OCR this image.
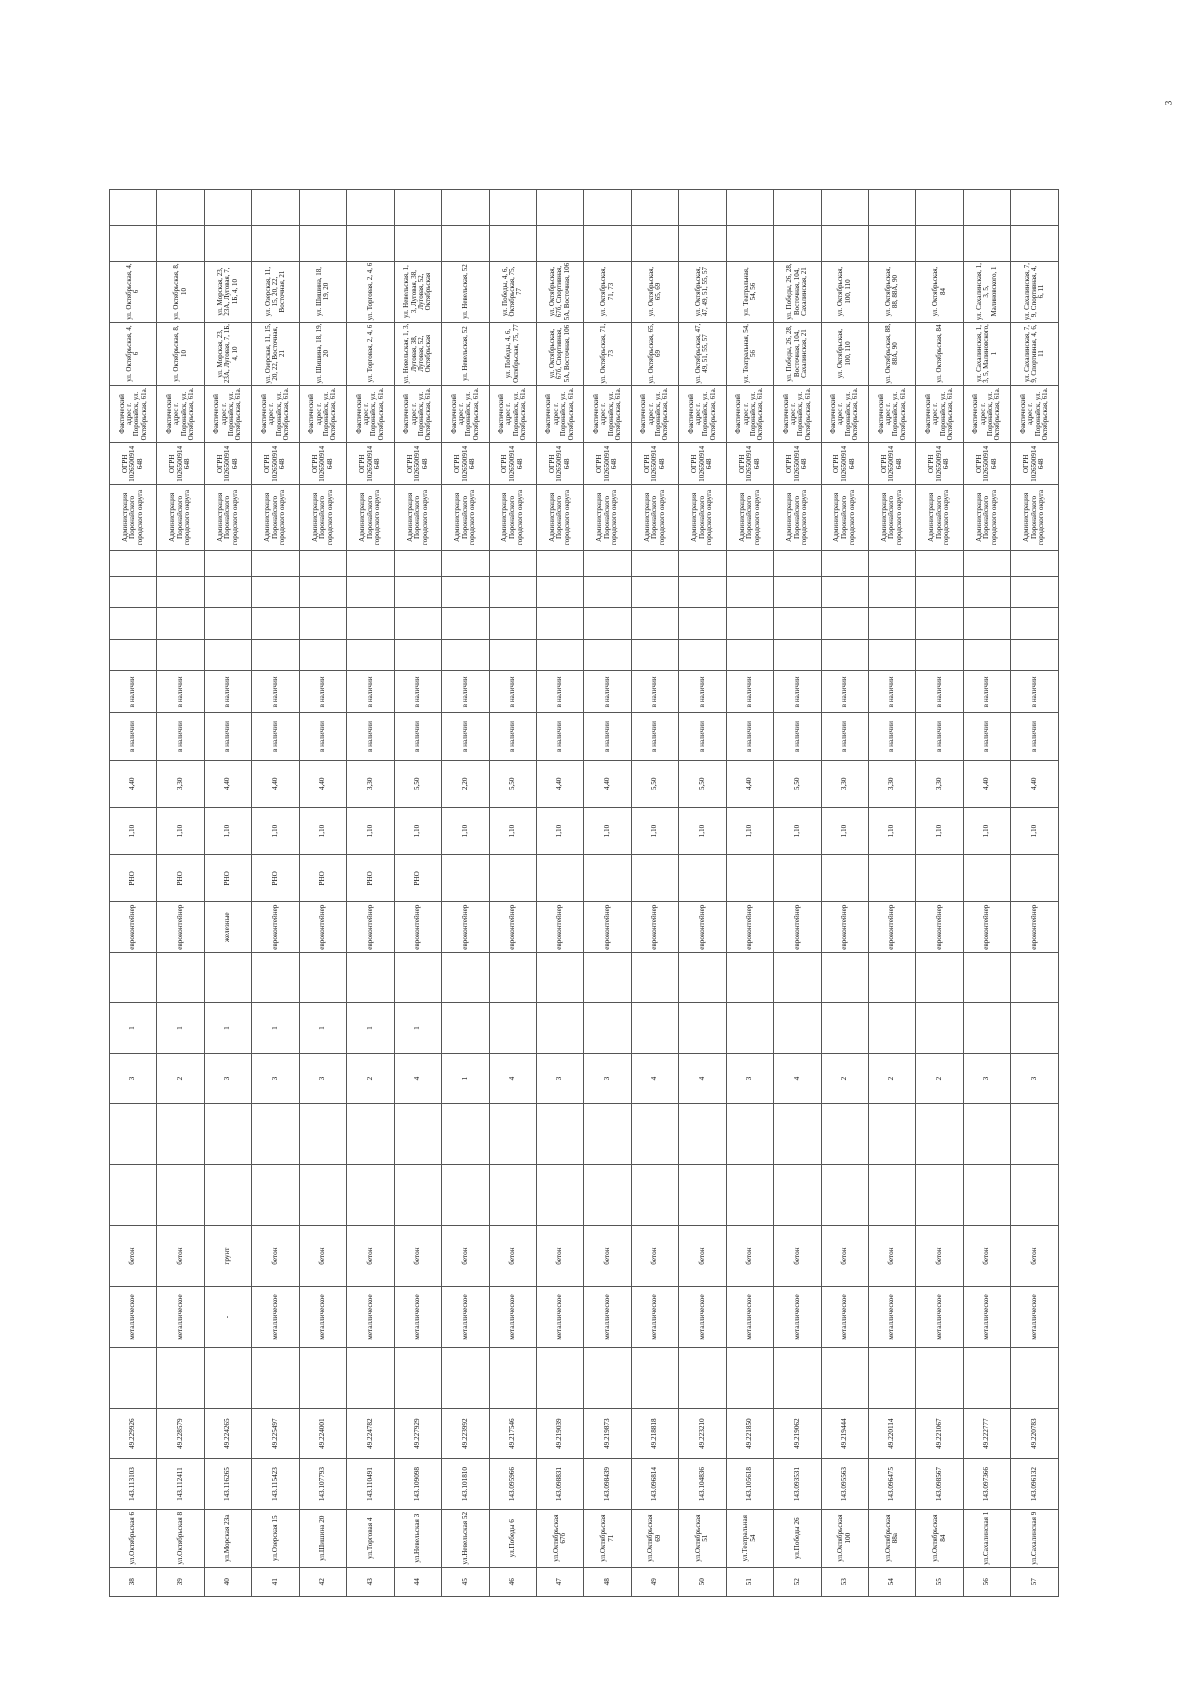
3
38	ул.Октябрьская 6	143.113103	49.229926		металлическое	бетон			3	1		евроконтейнер	РНО	1,10	4,40	в наличии	в наличии					Администрация Поронайского городского округа	ОГРН 1026500914648	Фактический адрес г. Поронайск, ул. Октябрьская, 61а.	ул. Октябрьская, 4, 6	ул. Октябрьская, 4, 6		
39	ул.Октябрьская 8	143.112411	49.228579		металлическое	бетон			2	1		евроконтейнер	РНО	1,10	3,30	в наличии	в наличии					Администрация Поронайского городского округа	ОГРН 1026500914648	Фактический адрес г. Поронайск, ул. Октябрьская, 61а.	ул. Октябрьская, 8, 10	ул. Октябрьская, 8, 10		
40	ул.Морская 23а	143.116265	49.224265		-	грунт			3	1		железные	РНО	1,10	4,40	в наличии	в наличии					Администрация Поронайского городского округа	ОГРН 1026500914648	Фактический адрес г. Поронайск, ул. Октябрьская, 61а.	ул. Морская, 23, 23А, Луговая, 7, 1Б, 4, 10	ул. Морская, 23, 23А, Луговая, 7, 1Б, 4, 10		
41	ул.Озерская 15	143.115423	49.225497		металлическое	бетон			3	1		евроконтейнер	РНО	1,10	4,40	в наличии	в наличии					Администрация Поронайского городского округа	ОГРН 1026500914648	Фактический адрес г. Поронайск, ул. Октябрьская, 61а.	ул. Озерская, 11, 15, 20, 22, Восточная, 21	ул. Озерская, 11, 15, 20, 22, Восточная, 21		
42	ул.Шишина 20	143.107793	49.224001		металлическое	бетон			3	1		евроконтейнер	РНО	1,10	4,40	в наличии	в наличии					Администрация Поронайского городского округа	ОГРН 1026500914648	Фактический адрес г. Поронайск, ул. Октябрьская, 61а.	ул. Шишина, 18, 19, 20	ул. Шишина, 18, 19, 20		
43	ул.Торговая 4	143.110491	49.224782		металлическое	бетон			2	1		евроконтейнер	РНО	1,10	3,30	в наличии	в наличии					Администрация Поронайского городского округа	ОГРН 1026500914648	Фактический адрес г. Поронайск, ул. Октябрьская, 61а.	ул. Торговая, 2, 4, 6	ул. Торговая, 2, 4, 6		
44	ул.Невельская 3	143.109098	49.227929		металлическое	бетон			4	1		евроконтейнер	РНО	1,10	5,50	в наличии	в наличии					Администрация Поронайского городского округа	ОГРН 1026500914648	Фактический адрес г. Поронайск, ул. Октябрьская, 61а.	ул. Невельская, 1, 3, Луговая, 38, Луговая, 52, Октябрьская	ул. Невельская, 1, 3, Луговая, 38, Луговая, 52, Октябрьская		
45	ул.Невельская 52	143.101810	49.223992		металлическое	бетон			1			евроконтейнер		1,10	2,20	в наличии	в наличии					Администрация Поронайского городского округа	ОГРН 1026500914648	Фактический адрес г. Поронайск, ул. Октябрьская, 61а.	ул. Невельская, 52	ул. Невельская, 52		
46	ул.Победы 6	143.095966	49.217546		металлическое	бетон			4			евроконтейнер		1,10	5,50	в наличии	в наличии					Администрация Поронайского городского округа	ОГРН 1026500914648	Фактический адрес г. Поронайск, ул. Октябрьская, 61а.	ул. Победы, 4, 6, Октябрьская, 75, 77	ул. Победы, 4, 6, Октябрьская, 75, 77		
47	ул.Октябрьская 67б	143.098831	49.219039		металлическое	бетон			3			евроконтейнер		1,10	4,40	в наличии	в наличии					Администрация Поронайского городского округа	ОГРН 1026500914648	Фактический адрес г. Поронайск, ул. Октябрьская, 61а.	ул. Октябрьская, 67б, Спортивная, 5А, Восточная, 106	ул. Октябрьская, 67б, Спортивная, 5А, Восточная, 106		
48	ул.Октябрьская 71	143.098439	49.219873		металлическое	бетон			3			евроконтейнер		1,10	4,40	в наличии	в наличии					Администрация Поронайского городского округа	ОГРН 1026500914648	Фактический адрес г. Поронайск, ул. Октябрьская, 61а.	ул. Октябрьская, 71, 73	ул. Октябрьская, 71, 73		
49	ул.Октябрьская 69	143.096814	49.218818		металлическое	бетон			4			евроконтейнер		1,10	5,50	в наличии	в наличии					Администрация Поронайского городского округа	ОГРН 1026500914648	Фактический адрес г. Поронайск, ул. Октябрьская, 61а.	ул. Октябрьская, 65, 69	ул. Октябрьская, 65, 69		
50	ул.Октябрьская 51	143.104836	49.223210		металлическое	бетон			4			евроконтейнер		1,10	5,50	в наличии	в наличии					Администрация Поронайского городского округа	ОГРН 1026500914648	Фактический адрес г. Поронайск, ул. Октябрьская, 61а.	ул. Октябрьская, 47, 49, 51, 55, 57	ул. Октябрьская, 47, 49, 51, 55, 57		
51	ул.Театральная 54	143.105618	49.221850		металлическое	бетон			3			евроконтейнер		1,10	4,40	в наличии	в наличии					Администрация Поронайского городского округа	ОГРН 1026500914648	Фактический адрес г. Поронайск, ул. Октябрьская, 61а.	ул. Театральная, 54, 56	ул. Театральная, 54, 56		
52	ул.Победы 26	143.093531	49.219062		металлическое	бетон			4			евроконтейнер		1,10	5,50	в наличии	в наличии					Администрация Поронайского городского округа	ОГРН 1026500914648	Фактический адрес г. Поронайск, ул. Октябрьская, 61а.	ул. Победы, 26, 28, Восточная, 104, Сахалинская, 21	ул. Победы, 26, 28, Восточная, 104, Сахалинская, 21		
53	ул.Октябрьская 100	143.095563	49.219444		металлическое	бетон			2			евроконтейнер		1,10	3,30	в наличии	в наличии					Администрация Поронайского городского округа	ОГРН 1026500914648	Фактический адрес г. Поронайск, ул. Октябрьская, 61а.	ул. Октябрьская, 100, 110	ул. Октябрьская, 100, 110		
54	ул.Октябрьская 88а	143.096475	49.220114		металлическое	бетон			2			евроконтейнер		1,10	3,30	в наличии	в наличии					Администрация Поронайского городского округа	ОГРН 1026500914648	Фактический адрес г. Поронайск, ул. Октябрьская, 61а.	ул. Октябрьская, 88, 88А, 90	ул. Октябрьская, 88, 88А, 90		
55	ул.Октябрьская 84	143.098567	49.221067		металлическое	бетон			2			евроконтейнер		1,10	3,30	в наличии	в наличии					Администрация Поронайского городского округа	ОГРН 1026500914648	Фактический адрес г. Поронайск, ул. Октябрьская, 61а.	ул. Октябрьская, 84	ул. Октябрьская, 84		
56	ул.Сахалинская 1	143.097366	49.222777		металлическое	бетон			3			евроконтейнер		1,10	4,40	в наличии	в наличии					Администрация Поронайского городского округа	ОГРН 1026500914648	Фактический адрес г. Поронайск, ул. Октябрьская, 61а.	ул. Сахалинская, 1, 3, 5, Малиновского, 1	ул. Сахалинская, 1, 3, 5, Малиновского, 1		
57	ул.Сахалинская 9	143.096132	49.220783		металлическое	бетон			3			евроконтейнер		1,10	4,40	в наличии	в наличии					Администрация Поронайского городского округа	ОГРН 1026500914648	Фактический адрес г. Поронайск, ул. Октябрьская, 61а.	ул. Сахалинская, 7, 9, Спортивная, 4, 6, 11	ул. Сахалинская, 7, 9, Спортивная, 4, 6, 11		
